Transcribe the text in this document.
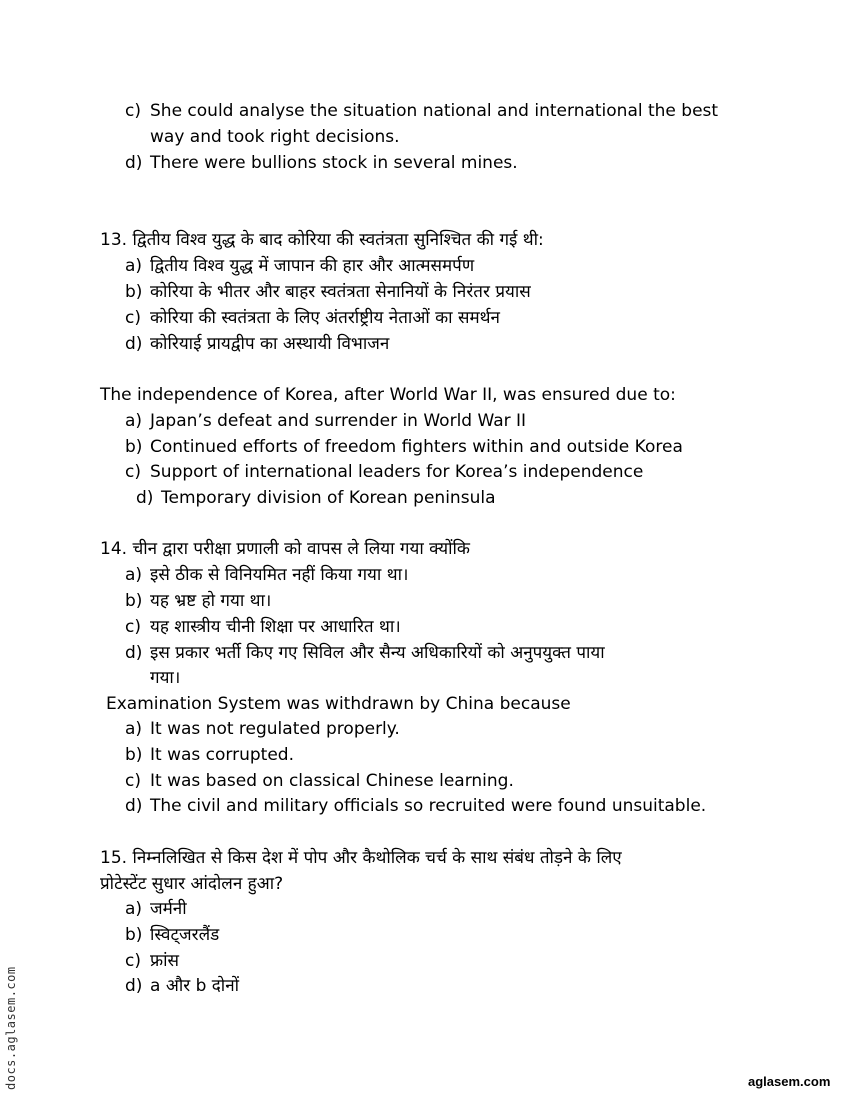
c) She could analyse the situation national and international the best
way and took right decisions.
d) There were bullions stock in several mines.
13. द्वितीय विश्व युद्ध के बाद कोरिया की स्वतंत्रता सुनिश्चित की गई थी:
a) द्वितीय विश्व युद्ध में जापान की हार और आत्मसमर्पण
b) कोरिया के भीतर और बाहर स्वतंत्रता सेनानियों के निरंतर प्रयास
c) कोरिया की स्वतंत्रता के लिए अंतर्राष्ट्रीय नेताओं का समर्थन
d) कोरियाई प्रायद्वीप का अस्थायी विभाजन
The independence of Korea, after World War II, was ensured due to:
a) Japan’s defeat and surrender in World War II
b) Continued efforts of freedom fighters within and outside Korea
c) Support of international leaders for Korea’s independence
d) Temporary division of Korean peninsula
14. चीन द्वारा परीक्षा प्रणाली को वापस ले लिया गया क्योंकि
a) इसे ठीक से विनियमित नहीं किया गया था।
b) यह भ्रष्ट हो गया था।
c) यह शास्त्रीय चीनी शिक्षा पर आधारित था।
d) इस प्रकार भर्ती किए गए सिविल और सैन्य अधिकारियों को अनुपयुक्त पाया
गया।
Examination System was withdrawn by China because
a) It was not regulated properly.
b) It was corrupted.
c) It was based on classical Chinese learning.
d) The civil and military officials so recruited were found unsuitable.
15. निम्नलिखित से किस देश में पोप और कैथोलिक चर्च के साथ संबंध तोड़ने के लिए
प्रोटेस्टेंट सुधार आंदोलन हुआ?
a) जर्मनी
b) स्विट्जरलैंड
c) फ्रांस
d) a और b दोनों
docs.aglasem.com	aglasem.com
